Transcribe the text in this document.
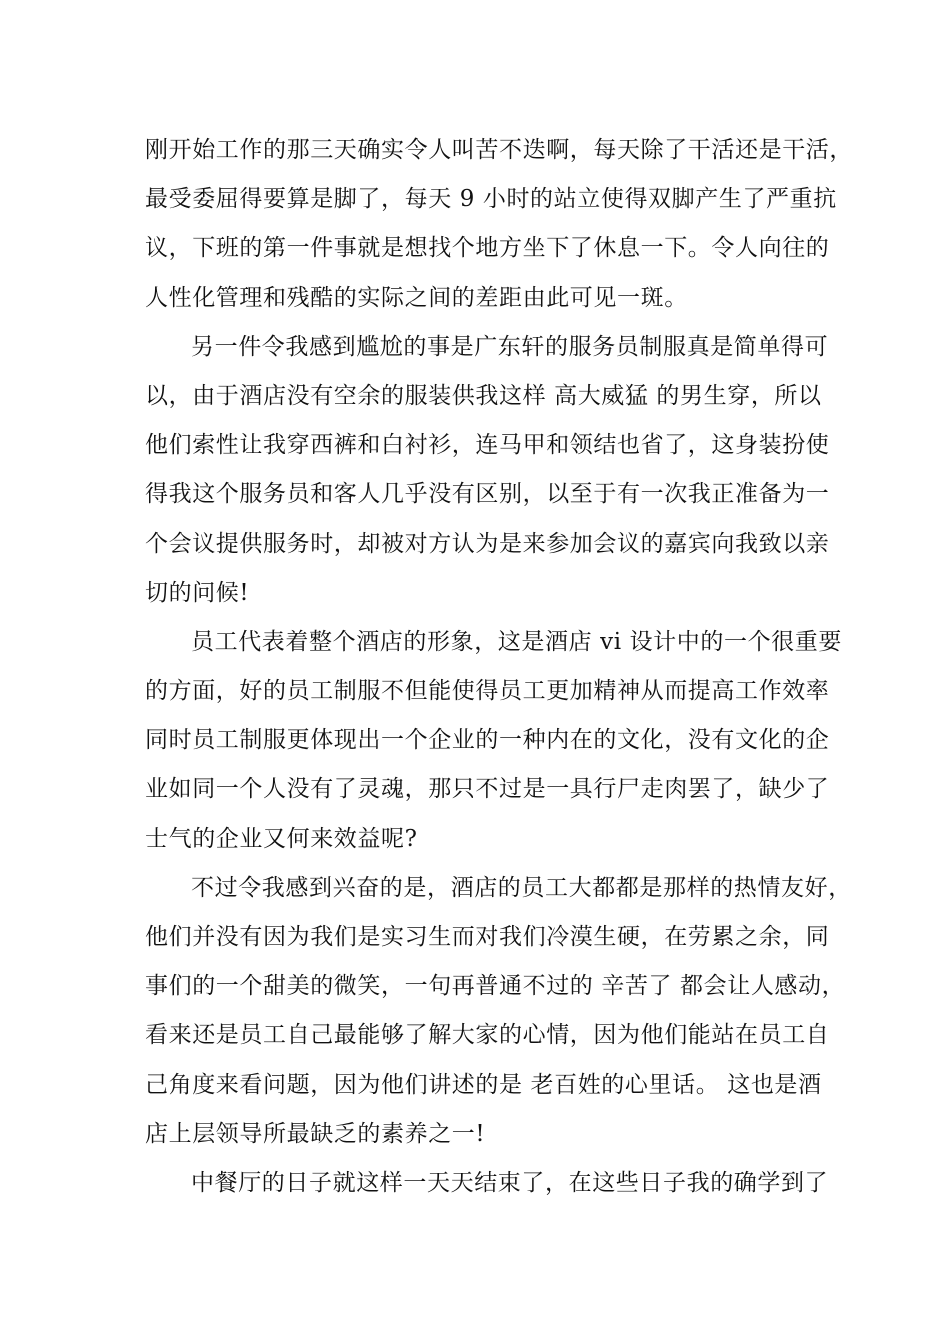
刚开始工作的那三天确实令人叫苦不迭啊，每天除了干活还是干活，
最受委屈得要算是脚了，每天 9 小时的站立使得双脚产生了严重抗
议，下班的第一件事就是想找个地方坐下了休息一下。令人向往的
人性化管理和残酷的实际之间的差距由此可见一斑。

另一件令我感到尴尬的事是广东轩的服务员制服真是简单得可
以，由于酒店没有空余的服装供我这样 高大威猛 的男生穿，所以
他们索性让我穿西裤和白衬衫，连马甲和领结也省了，这身装扮使
得我这个服务员和客人几乎没有区别，以至于有一次我正准备为一
个会议提供服务时，却被对方认为是来参加会议的嘉宾向我致以亲
切的问候!

员工代表着整个酒店的形象，这是酒店 vi 设计中的一个很重要
的方面，好的员工制服不但能使得员工更加精神从而提高工作效率
同时员工制服更体现出一个企业的一种内在的文化，没有文化的企
业如同一个人没有了灵魂，那只不过是一具行尸走肉罢了，缺少了
士气的企业又何来效益呢?

不过令我感到兴奋的是，酒店的员工大都都是那样的热情友好，
他们并没有因为我们是实习生而对我们冷漠生硬，在劳累之余，同
事们的一个甜美的微笑，一句再普通不过的 辛苦了 都会让人感动，
看来还是员工自己最能够了解大家的心情，因为他们能站在员工自
己角度来看问题，因为他们讲述的是 老百姓的心里话。 这也是酒
店上层领导所最缺乏的素养之一!

中餐厅的日子就这样一天天结束了，在这些日子我的确学到了
